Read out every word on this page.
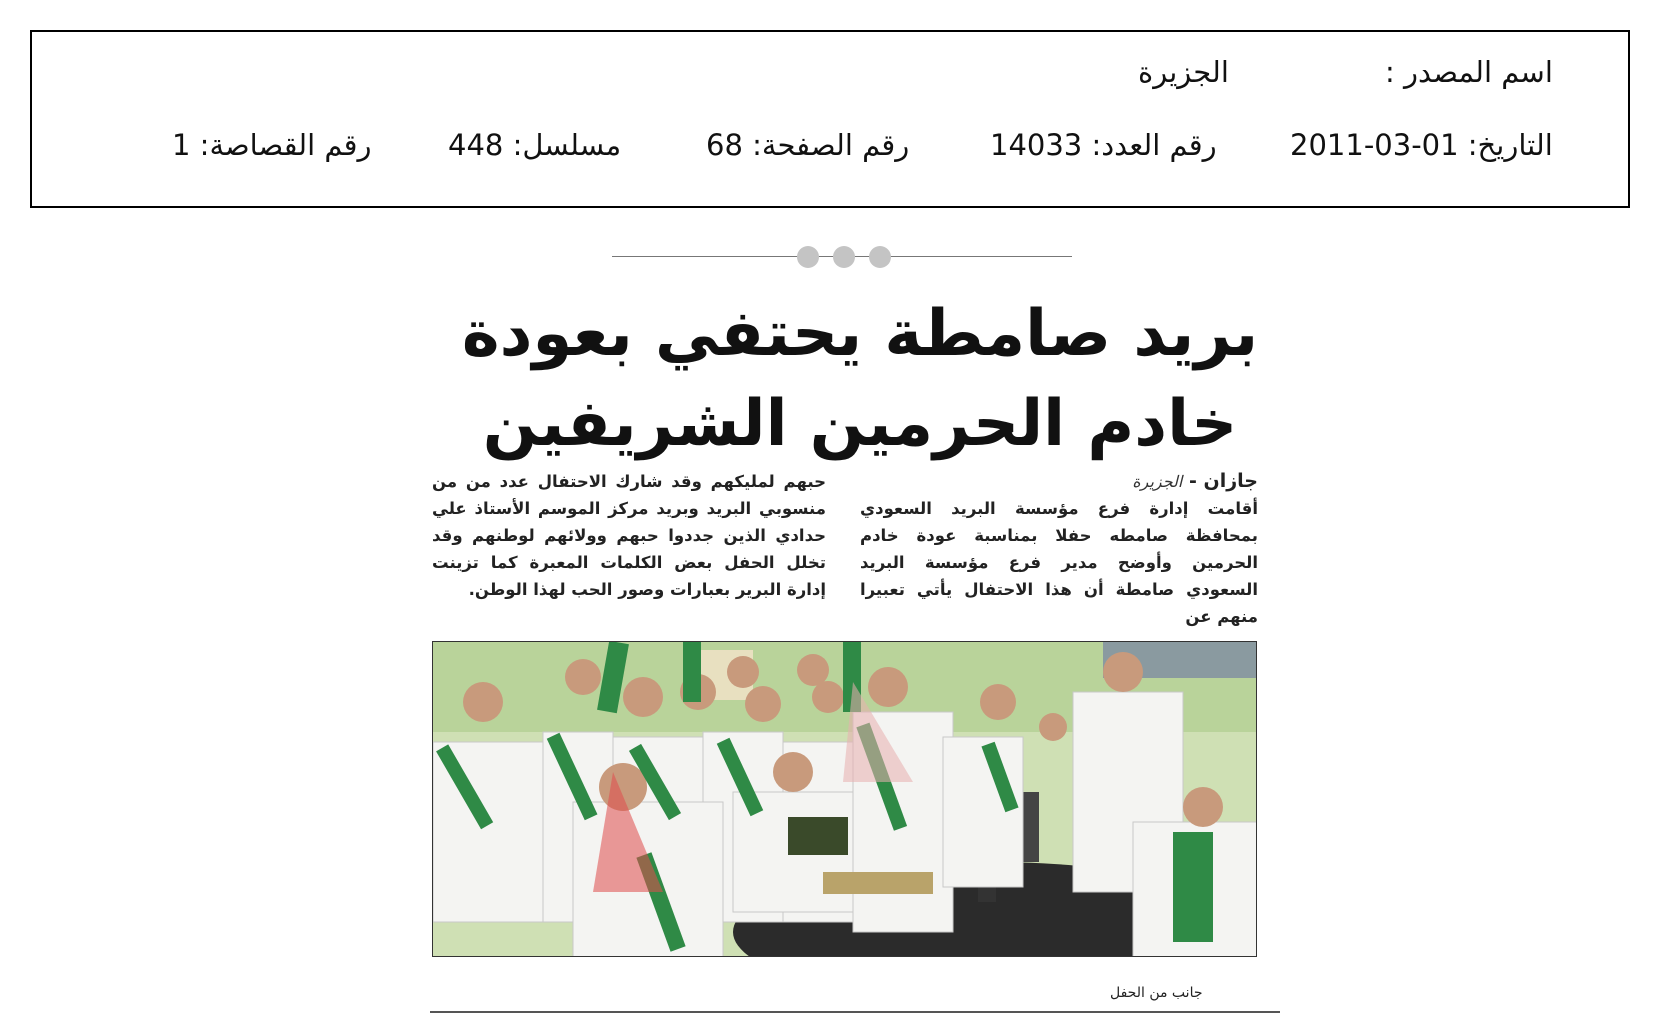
اسم المصدر :
الجزيرة
التاريخ: 01-03-2011
رقم العدد: 14033
رقم الصفحة: 68
مسلسل: 448
رقم القصاصة: 1
بريد صامطة يحتفي بعودة
خادم الحرمين الشريفين
جازان - الجزيرة
أقامت إدارة فرع مؤسسة البريد السعودي بمحافظة صامطه حفلا بمناسبة عودة خادم الحرمين وأوضح مدير فرع مؤسسة البريد السعودي صامطة أن هذا الاحتفال يأتي تعبيرا منهم عن
حبهم لمليكهم وقد شارك الاحتفال عدد من من منسوبي البريد وبريد مركز الموسم الأستاذ علي حدادي الذين جددوا حبهم وولائهم لوطنهم وقد تخلل الحفل بعض الكلمات المعبرة كما تزينت إدارة البرير بعبارات وصور الحب لهذا الوطن.
جانب من الحفل
